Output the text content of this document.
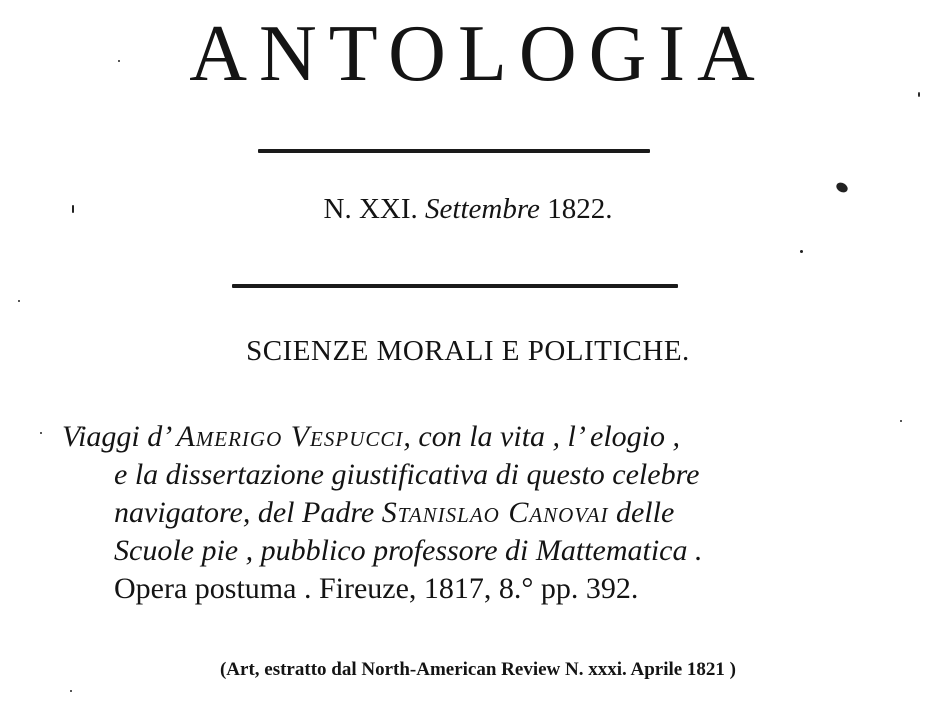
ANTOLOGIA
N. XXI. Settembre 1822.
SCIENZE MORALI E POLITICHE.
Viaggi d’ Amerigo Vespucci, con la vita , l’ elogio ,
e la dissertazione giustificativa di questo celebre
navigatore, del Padre Stanislao Canovai delle
Scuole pie , pubblico professore di Mattematica .
Opera postuma . Fireuze, 1817, 8.° pp. 392.
(Art, estratto dal North-American Review N. xxxi. Aprile 1821 )
